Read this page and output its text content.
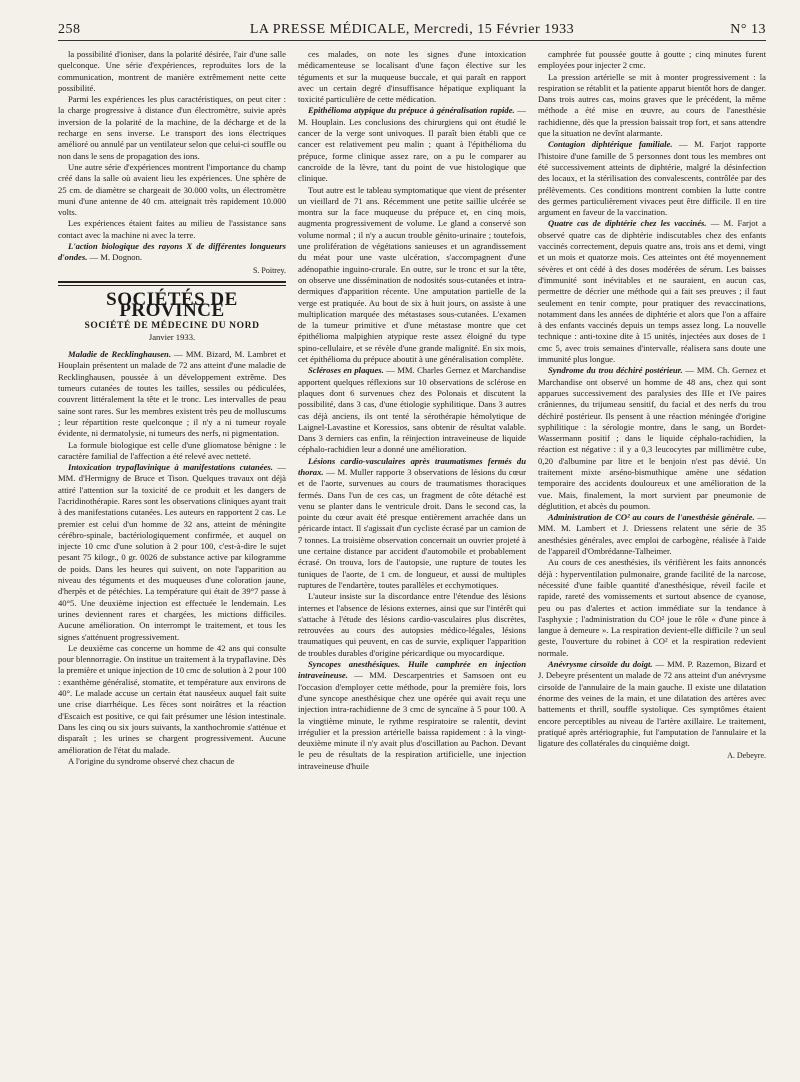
258	LA PRESSE MÉDICALE, Mercredi, 15 Février 1933	N° 13

la possibilité d'ioniser, dans la polarité désirée, l'air d'une salle quelconque. Une série d'expériences, reproduites lors de la communication, montrent de manière extrêmement nette cette possibilité.

Parmi les expériences les plus caractéristiques, on peut citer : la charge progressive à distance d'un électromètre, suivie après inversion de la polarité de la machine, de la décharge et de la recharge en sens inverse. Le transport des ions électriques amélioré ou annulé par un ventilateur selon que celui-ci souffle ou non dans le sens de propagation des ions.

Une autre série d'expériences montrent l'importance du champ créé dans la salle où avaient lieu les expériences. Une sphère de 25 cm. de diamètre se chargeait de 30.000 volts, un électromètre muni d'une antenne de 40 cm. atteignait très rapidement 10.000 volts.

Les expériences étaient faites au milieu de l'assistance sans contact avec la machine ni avec la terre.

L'action biologique des rayons X de différentes longueurs d'ondes. — M. Dognon.

S. Poitrey.

SOCIÉTÉS DE PROVINCE

SOCIÉTÉ DE MÉDECINE DU NORD

Janvier 1933.

Maladie de Recklinghausen. — MM. Bizard, M. Lambret et Houplain présentent un malade de 72 ans atteint d'une maladie de Recklinghausen, poussée à un développement extrême. Des tumeurs cutanées de toutes les tailles, sessiles ou pédiculées, couvrent littéralement la tête et le tronc. Les intervalles de peau saine sont rares. Sur les membres existent très peu de molluscums ; leur répartition reste quelconque ; il n'y a ni tumeur royale évidente, ni dermatolysie, ni tumeurs des nerfs, ni pigmentation.

La formule biologique est celle d'une gliomatose bénigne : le caractère familial de l'affection a été relevé avec netteté.

Intoxication trypaflavinique à manifestations cutanées. — MM. d'Hermigny de Bruce et Tison. Quelques travaux ont déjà attiré l'attention sur la toxicité de ce produit et les dangers de l'acridinothérapie. Rares sont les observations cliniques ayant trait à des manifestations cutanées. Les auteurs en rapportent 2 cas. Le premier est celui d'un homme de 32 ans, atteint de méningite cérébro-spinale, bactériologiquement confirmée, et auquel on injecte 10 cmc d'une solution à 2 pour 100, c'est-à-dire le sujet pesant 75 kilogr., 0 gr. 0026 de substance active par kilogramme de poids. Dans les heures qui suivent, on note l'apparition au niveau des téguments et des muqueuses d'une coloration jaune, d'herpès et de pétéchies. La température qui était de 39°7 passe à 40°5. Une deuxième injection est effectuée le lendemain. Les urines deviennent rares et chargées, les mictions difficiles. Aucune amélioration. On interrompt le traitement, et tous les signes s'atténuent progressivement.

Le deuxième cas concerne un homme de 42 ans qui consulte pour blennorragie. On institue un traitement à la trypaflavine. Dès la première et unique injection de 10 cmc de solution à 2 pour 100 : exanthème généralisé, stomatite, et température aux environs de 40°. Le malade accuse un certain état nauséeux auquel fait suite une crise diarrhéique. Les fèces sont noirâtres et la réaction d'Escaich est positive, ce qui fait présumer une lésion intestinale. Dans les cinq ou six jours suivants, la xanthochromie s'atténue et disparaît ; les urines se chargent progressivement. Aucune amélioration de l'état du malade.

A l'origine du syndrome observé chez chacun de

ces malades, on note les signes d'une intoxication médicamenteuse se localisant d'une façon élective sur les téguments et sur la muqueuse buccale, et qui paraît en rapport avec un certain degré d'insuffisance hépatique expliquant la toxicité particulière de cette médication.

Epithélioma atypique du prépuce à généralisation rapide. — M. Houplain. Les conclusions des chirurgiens qui ont étudié le cancer de la verge sont univoques. Il paraît bien établi que ce cancer est relativement peu malin ; quant à l'épithélioma du prépuce, forme clinique assez rare, on a pu le comparer au cancroïde de la lèvre, tant du point de vue histologique que clinique.

Tout autre est le tableau symptomatique que vient de présenter un vieillard de 71 ans. Récemment une petite saillie ulcérée se montra sur la face muqueuse du prépuce et, en cinq mois, augmenta progressivement de volume. Le gland a conservé son volume normal ; il n'y a aucun trouble génito-urinaire ; toutefois, une prolifération de végétations sanieuses et un agrandissement du méat pour une vaste ulcération, s'accompagnent d'une adénopathie inguino-crurale. En outre, sur le tronc et sur la tête, on observe une dissémination de nodosités sous-cutanées et intra-dermiques d'apparition récente. Une amputation partielle de la verge est pratiquée. Au bout de six à huit jours, on assiste à une multiplication marquée des métastases sous-cutanées. L'examen de la tumeur primitive et d'une métastase montre que cet épithélioma malpighien atypique reste assez éloigné du type spino-cellulaire, et se révèle d'une grande malignité. En six mois, cet épithélioma du prépuce aboutit à une généralisation complète.

Scléroses en plaques. — MM. Charles Gernez et Marchandise apportent quelques réflexions sur 10 observations de sclérose en plaques dont 6 survenues chez des Polonais et discutent la possibilité, dans 3 cas, d'une étiologie syphilitique. Dans 3 autres cas déjà anciens, ils ont tenté la sérothérapie hémolytique de Laignel-Lavastine et Koressios, sans obtenir de résultat valable. Dans 3 derniers cas enfin, la réinjection intraveineuse de liquide céphalo-rachidien leur a donné une amélioration.

Lésions cardio-vasculaires après traumatismes fermés du thorax. — M. Muller rapporte 3 observations de lésions du cœur et de l'aorte, survenues au cours de traumatismes thoraciques fermés. Dans l'un de ces cas, un fragment de côte détaché est venu se planter dans le ventricule droit. Dans le second cas, la pointe du cœur avait été presque entièrement arrachée dans un péricarde intact. Il s'agissait d'un cycliste écrasé par un camion de 7 tonnes. La troisième observation concernait un ouvrier projeté à une certaine distance par accident d'automobile et probablement écrasé. On trouva, lors de l'autopsie, une rupture de toutes les tuniques de l'aorte, de 1 cm. de longueur, et aussi de multiples ruptures de l'endartère, toutes parallèles et ecchymotiques.

L'auteur insiste sur la discordance entre l'étendue des lésions internes et l'absence de lésions externes, ainsi que sur l'intérêt qui s'attache à l'étude des lésions cardio-vasculaires plus discrètes, retrouvées au cours des autopsies médico-légales, lésions traumatiques qui peuvent, en cas de survie, expliquer l'apparition de troubles durables d'origine péricardique ou myocardique.

Syncopes anesthésiques. Huile camphrée en injection intraveineuse. — MM. Descarpentries et Samsoen ont eu l'occasion d'employer cette méthode, pour la première fois, lors d'une syncope anesthésique chez une opérée qui avait reçu une injection intra-rachidienne de 3 cmc de syncaïne à 5 pour 100. A la vingtième minute, le rythme respiratoire se ralentit, devint irrégulier et la pression artérielle baissa rapidement : à la vingt-deuxième minute il n'y avait plus d'oscillation au Pachon. Devant le peu de résultats de la respiration artificielle, une injection intraveineuse d'huile

camphrée fut poussée goutte à goutte ; cinq minutes furent employées pour injecter 2 cmc.

La pression artérielle se mit à monter progressivement : la respiration se rétablit et la patiente apparut bientôt hors de danger. Dans trois autres cas, moins graves que le précédent, la même méthode a été mise en œuvre, au cours de l'anesthésie rachidienne, dès que la pression baissait trop fort, et sans attendre que la situation ne devînt alarmante.

Contagion diphtérique familiale. — M. Farjot rapporte l'histoire d'une famille de 5 personnes dont tous les membres ont été successivement atteints de diphtérie, malgré la désinfection des locaux, et la stérilisation des convalescents, contrôlée par des prélèvements. Ces conditions montrent combien la lutte contre des germes particulièrement vivaces peut être difficile. Il en tire argument en faveur de la vaccination.

Quatre cas de diphtérie chez les vaccinés. — M. Farjot a observé quatre cas de diphtérie indiscutables chez des enfants vaccinés correctement, depuis quatre ans, trois ans et demi, vingt et un mois et quatorze mois. Ces atteintes ont été moyennement sévères et ont cédé à des doses modérées de sérum. Les baisses d'immunité sont inévitables et ne sauraient, en aucun cas, permettre de décrier une méthode qui a fait ses preuves ; il faut seulement en tenir compte, pour pratiquer des revaccinations, notamment dans les années de diphtérie et alors que l'on a affaire à des enfants vaccinés depuis un temps assez long. La nouvelle technique : anti-toxine dite à 15 unités, injectées aux doses de 1 cmc 5, avec trois semaines d'intervalle, réalisera sans doute une immunité plus longue.

Syndrome du trou déchiré postérieur. — MM. Ch. Gernez et Marchandise ont observé un homme de 48 ans, chez qui sont apparues successivement des paralysies des IIIe et IVe paires crâniennes, du trijumeau sensitif, du facial et des nerfs du trou déchiré postérieur. Ils pensent à une réaction méningée d'origine syphilitique : la sérologie montre, dans le sang, un Bordet-Wassermann positif ; dans le liquide céphalo-rachidien, la réaction est négative : il y a 0,3 leucocytes par millimètre cube, 0,20 d'albumine par litre et le benjoin n'est pas dévié. Un traitement mixte arséno-bismuthique amène une sédation temporaire des accidents douloureux et une amélioration de la vue. Mais, finalement, la mort survient par pneumonie de déglutition, et abcès du poumon.

Administration de CO² au cours de l'anesthésie générale. — MM. M. Lambert et J. Driessens relatent une série de 35 anesthésies générales, avec emploi de carbogène, réalisée à l'aide de l'appareil d'Ombrédanne-Talheimer.

Au cours de ces anesthésies, ils vérifièrent les faits annoncés déjà : hyperventilation pulmonaire, grande facilité de la narcose, nécessité d'une faible quantité d'anesthésique, réveil facile et rapide, rareté des vomissements et surtout absence de cyanose, peu ou pas d'alertes et action immédiate sur la tendance à l'asphyxie ; l'administration du CO² joue le rôle « d'une pince à langue à demeure ». La respiration devient-elle difficile ? un seul geste, l'ouverture du robinet à CO² et la respiration redevient normale.

Anévrysme cirsoïde du doigt. — MM. P. Razemon, Bizard et J. Debeyre présentent un malade de 72 ans atteint d'un anévrysme cirsoïde de l'annulaire de la main gauche. Il existe une dilatation énorme des veines de la main, et une dilatation des artères avec battements et thrill, souffle systolique. Ces symptômes étaient encore perceptibles au niveau de l'artère axillaire. Le traitement, pratiqué après artériographie, fut l'amputation de l'annulaire et la ligature des collatérales du cinquième doigt.

A. Debeyre.
